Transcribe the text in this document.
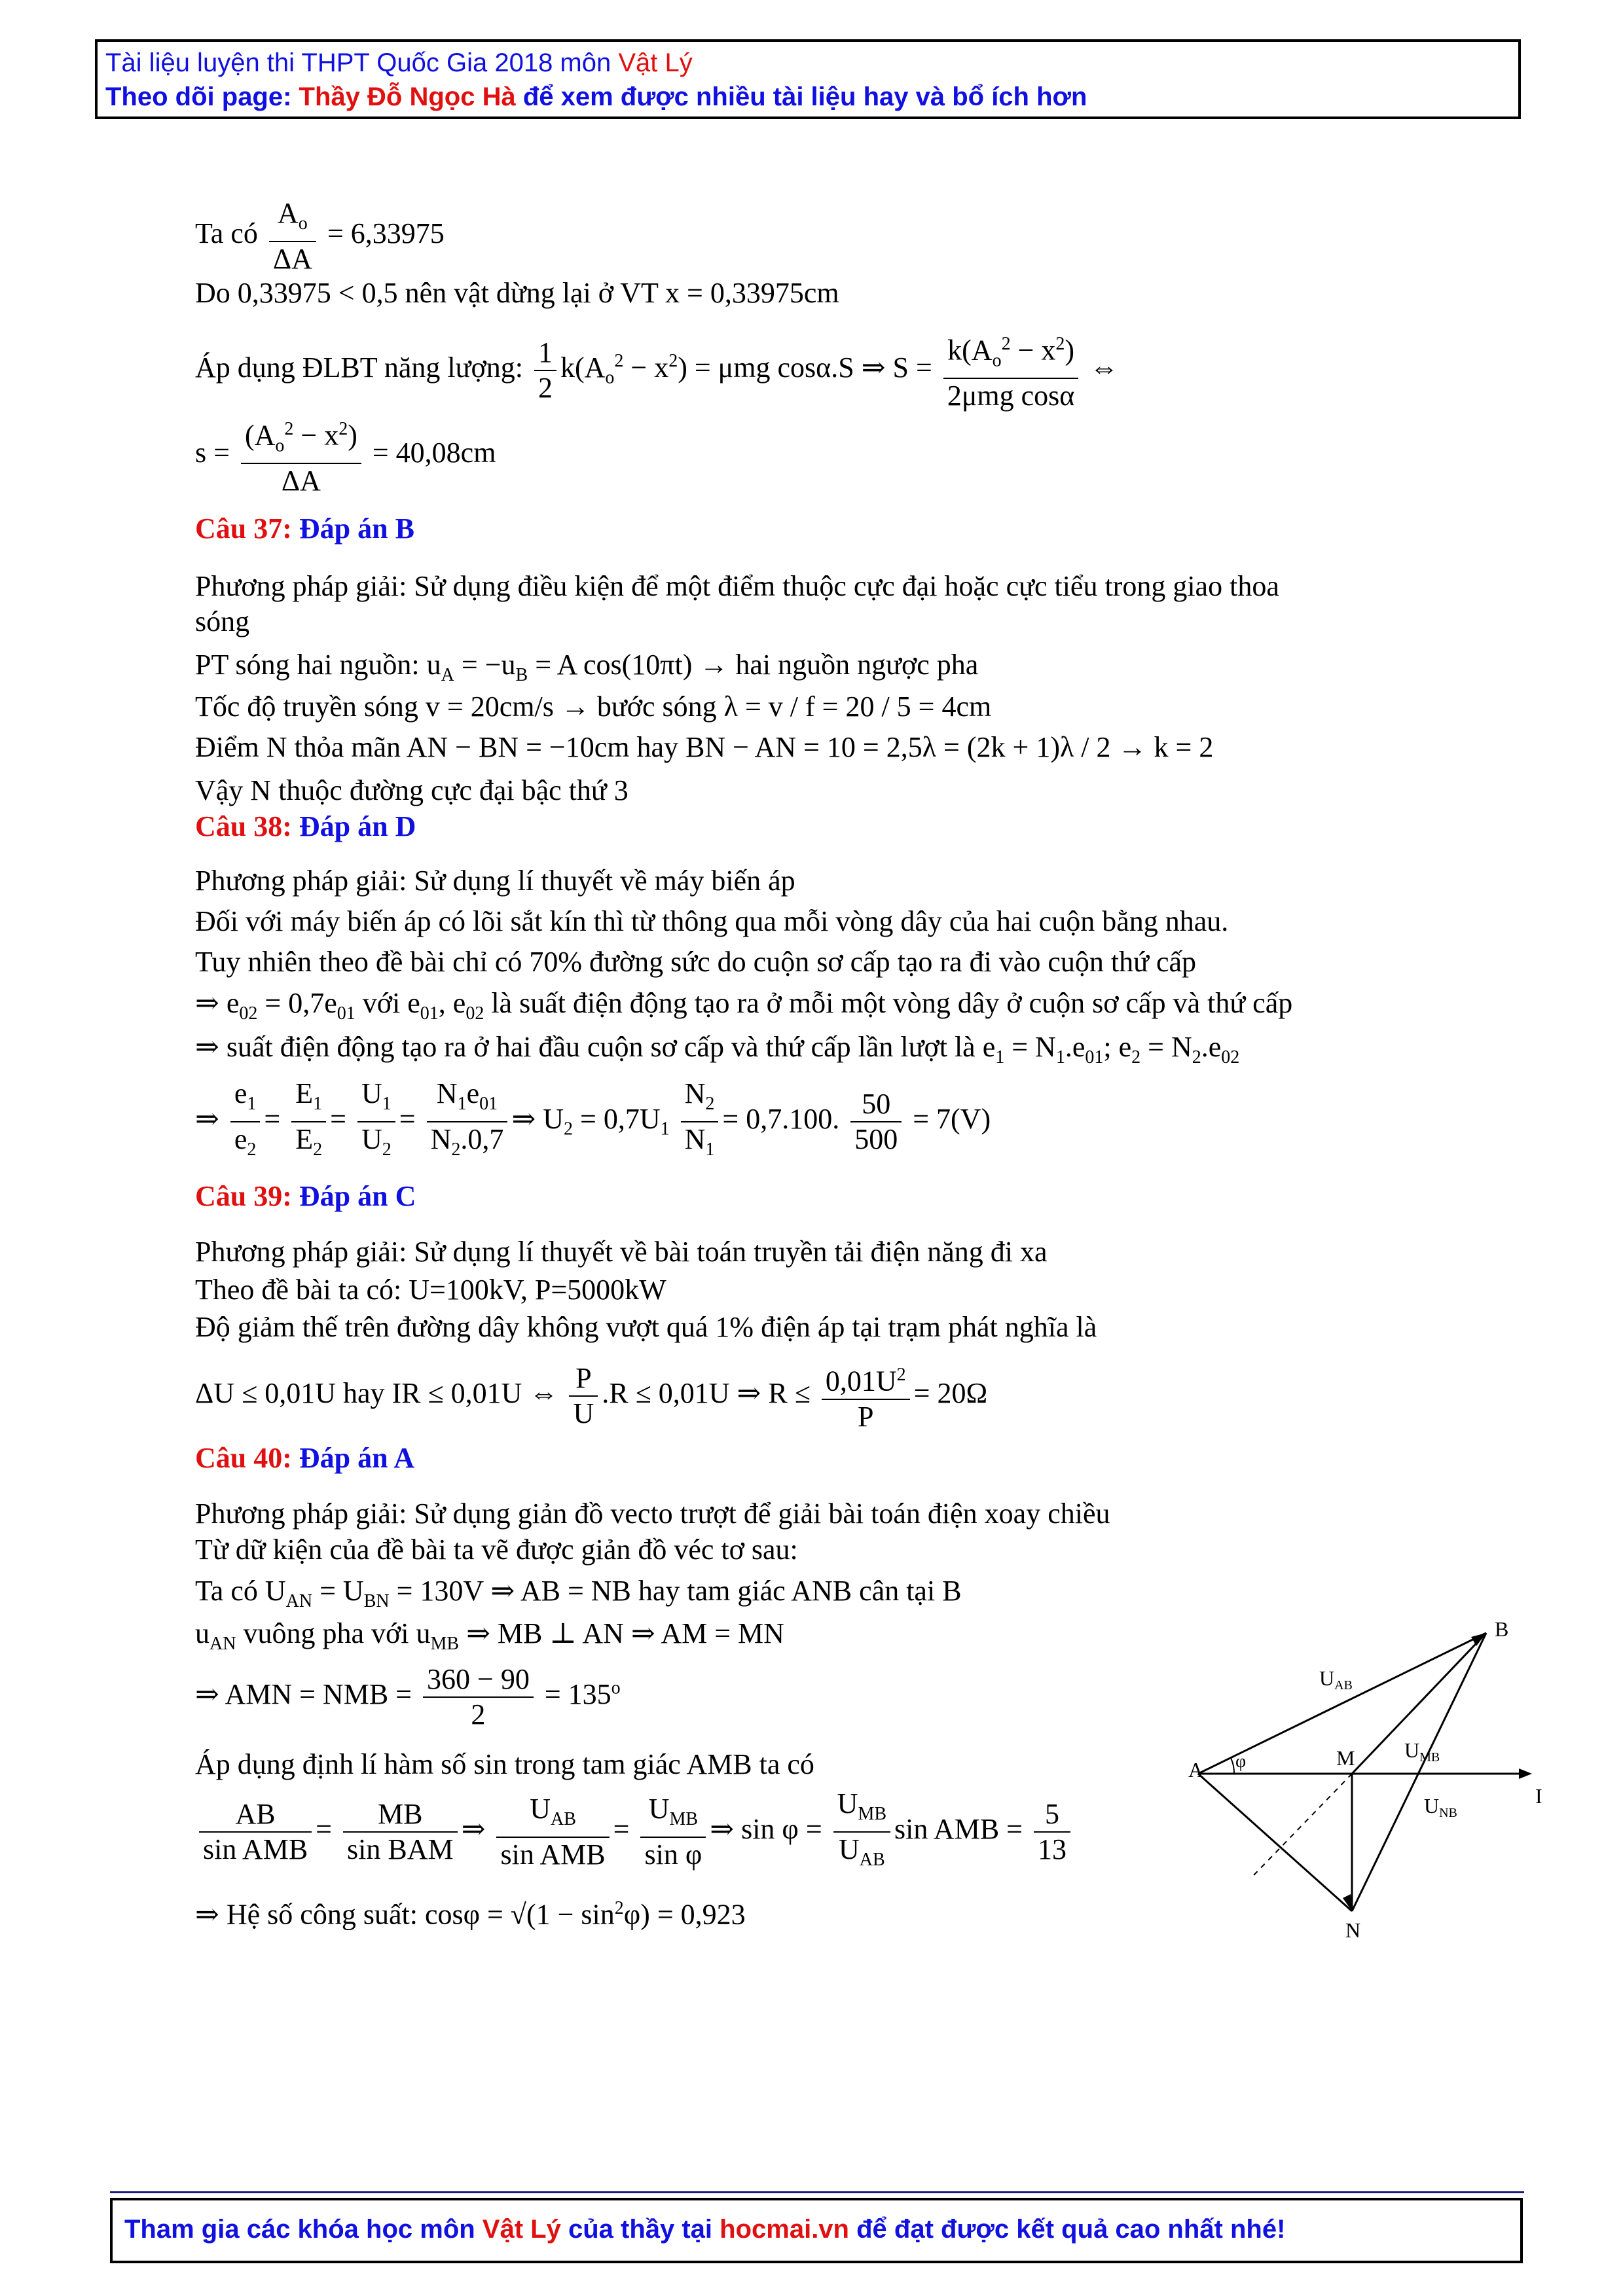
Tài liệu luyện thi THPT Quốc Gia 2018 môn Vật Lý
Theo dõi page: Thầy Đỗ Ngọc Hà để xem được nhiều tài liệu hay và bổ ích hơn
Ta có $\frac{A_o}{\Delta A} = 6,33975$
Do 0,33975 < 0,5 nên vật dừng lại ở VT x = 0,33975cm
Áp dụng ĐLBT năng lượng: $\frac{1}{2} k(A_o^2 - x^2) = \mu mg$ cosα.S ⇒ $S = \frac{k(A_o^2 - x^2)}{\text{2μmg cosα}}$ ⇔
$s = \frac{(A_o^2 - x^2)}{\Delta A} = 40,08cm$
Câu 37: Đáp án B
Phương pháp giải: Sử dụng điều kiện để một điểm thuộc cực đại hoặc cực tiểu trong giao thoa
sóng
PT sóng hai nguồn: $u_A = -u_B = A$ cos(10πt) → hai nguồn ngược pha
Tốc độ truyền sóng v = 20cm/s → bước sóng λ = v / f = 20 / 5 = 4cm
Điểm N thỏa mãn AN − BN = −10cm hay BN − AN = 10 = 2,5λ = (2k + 1)λ / 2 → k = 2
Vậy N thuộc đường cực đại bậc thứ 3
Câu 38: Đáp án D
Phương pháp giải: Sử dụng lí thuyết về máy biến áp
Đối với máy biến áp có lõi sắt kín thì từ thông qua mỗi vòng dây của hai cuộn bằng nhau.
Tuy nhiên theo đề bài chỉ có 70% đường sức do cuộn sơ cấp tạo ra đi vào cuộn thứ cấp
⇒ $e_{02} = 0,7e_{01}$ với $e_{01}$, $e_{02}$ là suất điện động tạo ra ở mỗi một vòng dây ở cuộn sơ cấp và thứ cấp
⇒ suất điện động tạo ra ở hai đầu cuộn sơ cấp và thứ cấp lần lượt là $e_1 = N_1.e_{01}$; $e_2 = N_2.e_{02}$
⇒ $\frac{e_1}{e_2} = \frac{E_1}{E_2} = \frac{U_1}{U_2} = \frac{N_1e_{01}}{N_2.0,7}$ ⇒ $U_2 = 0,7U_1 \frac{N_2}{N_1} = 0,7.100$. $\frac{50}{500} = 7(V)$
Câu 39: Đáp án C
Phương pháp giải: Sử dụng lí thuyết về bài toán truyền tải điện năng đi xa
Theo đề bài ta có: U=100kV, P=5000kW
Độ giảm thế trên đường dây không vượt quá 1% điện áp tại trạm phát nghĩa là
ΔU ≤ 0,01U hay IR ≤ 0,01U ⇔ $\frac{P}{U} .R \le 0,01U$ ⇒ $R \le \frac{0,01U^2}{P} = 20\Omega$
Câu 40: Đáp án A
Phương pháp giải: Sử dụng giản đồ vecto trượt để giải bài toán điện xoay chiều
Từ dữ kiện của đề bài ta vẽ được giản đồ véc tơ sau:
Ta có $U_{AN} = U_{BN} = 130V$ ⇒ AB = NB hay tam giác ANB cân tại B
$u_{AN}$ vuông pha với $u_{MB}$ ⇒ MB ⊥ AN ⇒ AM = MN
⇒ AMN = NMB = $\frac{360 - 90}{2} = 135^o$
Áp dụng định lí hàm số sin trong tam giác AMB ta có
$\frac{AB}{\text{sin AMB}} = \frac{MB}{\text{sin BAM}}$ ⇒ $\frac{U_{AB}}{\text{sin AMB}} = \frac{U_{MB}}{\text{sin φ}}$ ⇒ $\sin \varphi = \frac{U_{MB}}{U_{AB}}$ sin AMB = $\frac{5}{13}$
⇒ Hệ số công suất: $\cos\varphi = √(1 - \sin^2\varphi) = 0,923$
A
B
M
N
I
φ
UAB
UMB
UNB
Tham gia các khóa học môn Vật Lý của thầy tại hocmai.vn để đạt được kết quả cao nhất nhé!
